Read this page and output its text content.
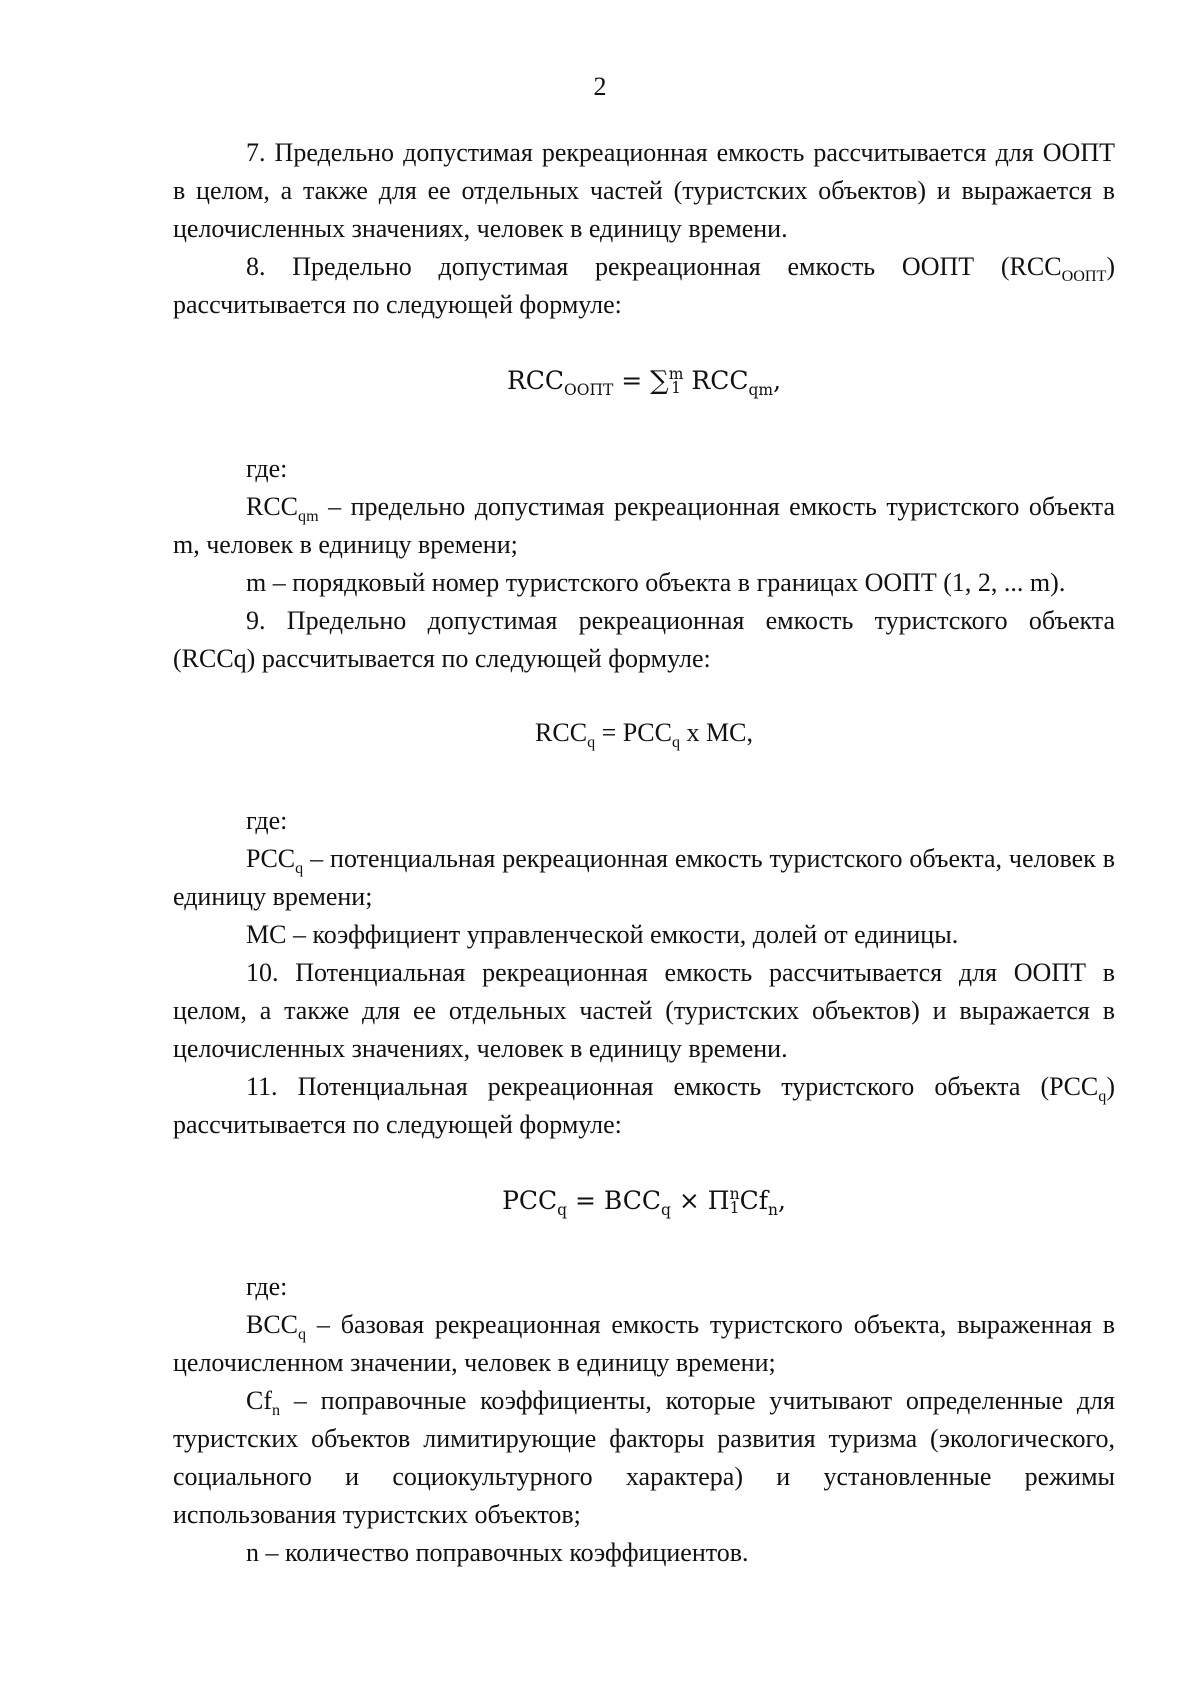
2

7. Предельно допустимая рекреационная емкость рассчитывается для ООПТ в целом, а также для ее отдельных частей (туристских объектов) и выражается в целочисленных значениях, человек в единицу времени.

8. Предельно допустимая рекреационная емкость ООПТ $(RCC_{ООПТ})$ рассчитывается по следующей формуле:

$RCC_{ООПТ}$ = ∑ m
1 $RCC_{qm}$,

где:

$RCC_{qm}$ – предельно допустимая рекреационная емкость туристского объекта m, человек в единицу времени;

m – порядковый номер туристского объекта в границах ООПТ (1, 2, ... m).

9. Предельно допустимая рекреационная емкость туристского объекта (RCCq) рассчитывается по следующей формуле:

$RCC_q = PCC_q$ x MC,

где:

$PCC_q$ – потенциальная рекреационная емкость туристского объекта, человек в единицу времени;

MC – коэффициент управленческой емкости, долей от единицы.

10. Потенциальная рекреационная емкость рассчитывается для ООПТ в целом, а также для ее отдельных частей (туристских объектов) и выражается в целочисленных значениях, человек в единицу времени.

11. Потенциальная рекреационная емкость туристского объекта $(PCC_q)$ рассчитывается по следующей формуле:

$PCC_q = BCC_q \times \Pi$ n
1 $Cf_n$,

где:

$BCC_q$ – базовая рекреационная емкость туристского объекта, выраженная в целочисленном значении, человек в единицу времени;

$Cf_n$ – поправочные коэффициенты, которые учитывают определенные для туристских объектов лимитирующие факторы развития туризма (экологического, социального и социокультурного характера) и установленные режимы использования туристских объектов;

n – количество поправочных коэффициентов.
